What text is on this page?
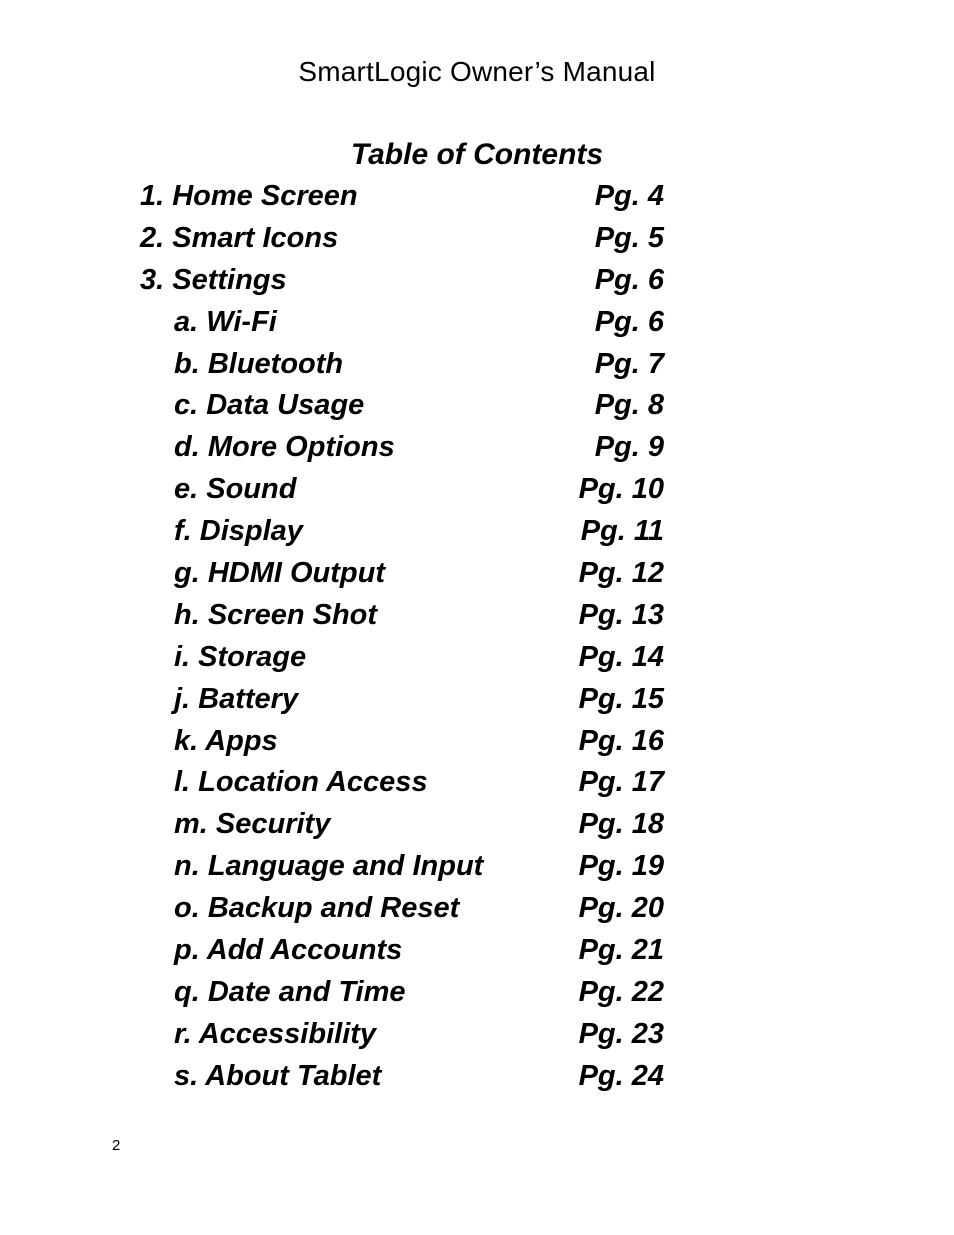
SmartLogic Owner’s Manual
Table of Contents
1. Home Screen	Pg. 4
2. Smart Icons	Pg. 5
3. Settings	Pg. 6
a. Wi-Fi	Pg. 6
b. Bluetooth	Pg. 7
c. Data Usage	Pg. 8
d. More Options	Pg. 9
e. Sound	Pg. 10
f. Display	Pg. 11
g. HDMI Output	Pg. 12
h. Screen Shot	Pg. 13
i. Storage	Pg. 14
j. Battery	Pg. 15
k. Apps	Pg. 16
l. Location Access	Pg. 17
m. Security	Pg. 18
n. Language and Input	Pg. 19
o. Backup and Reset	Pg. 20
p. Add Accounts	Pg. 21
q. Date and Time	Pg. 22
r. Accessibility	Pg. 23
s. About Tablet	Pg. 24
2
